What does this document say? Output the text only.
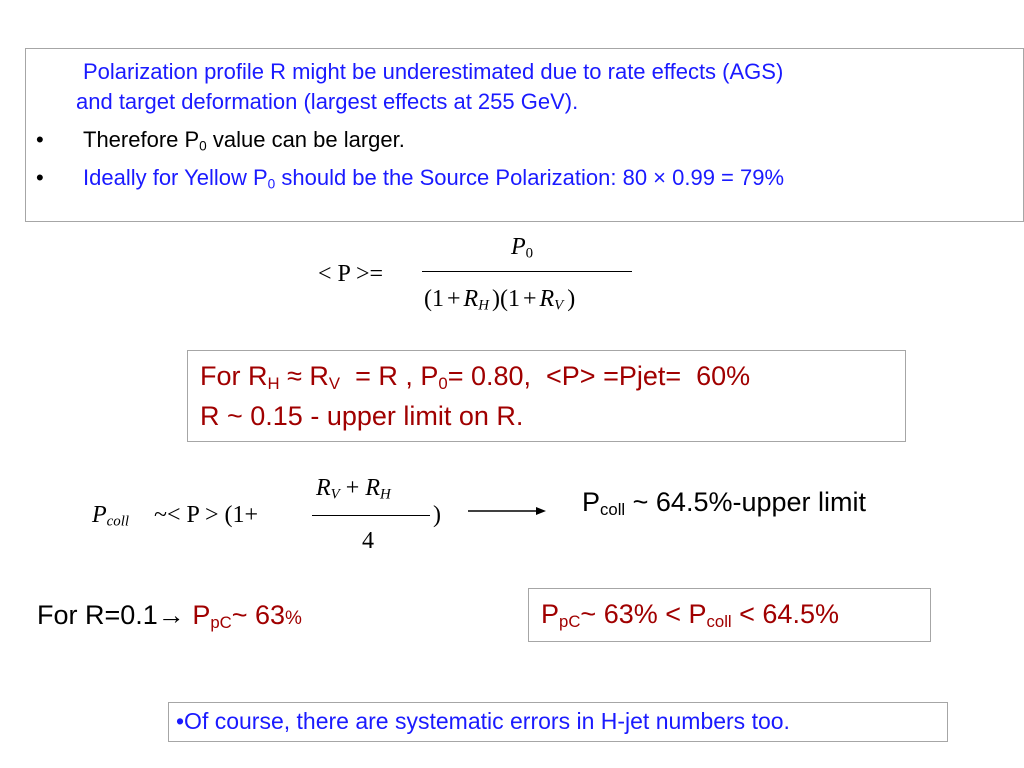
Polarization profile R might be underestimated due to rate effects (AGS)
and target deformation (largest effects at 255 GeV).
• Therefore $P_0$ value can be larger.
• Ideally for Yellow $P_0$ should be the Source Polarization: 80 × 0.99 = 79%
< P >=
$P_0$
($1 + R_H$ )($1 + R_V$ )
For $R_H \approx R_V = R$ , $P_0= 0.80$,  <P> =Pjet=  60%
R ~ 0.15 - upper limit on R.
$P_{coll}$ ~< P > (1+
$R_V + R_H$
4
)	$P_{coll}$ ~ 64.5%-upper limit
For $R=0.1\to P_{pC}\sim$ 63%	$P_{pC}\sim$ $63\% < P_{coll} < 64.5\%$
•Of course, there are systematic errors in H-jet numbers too.
